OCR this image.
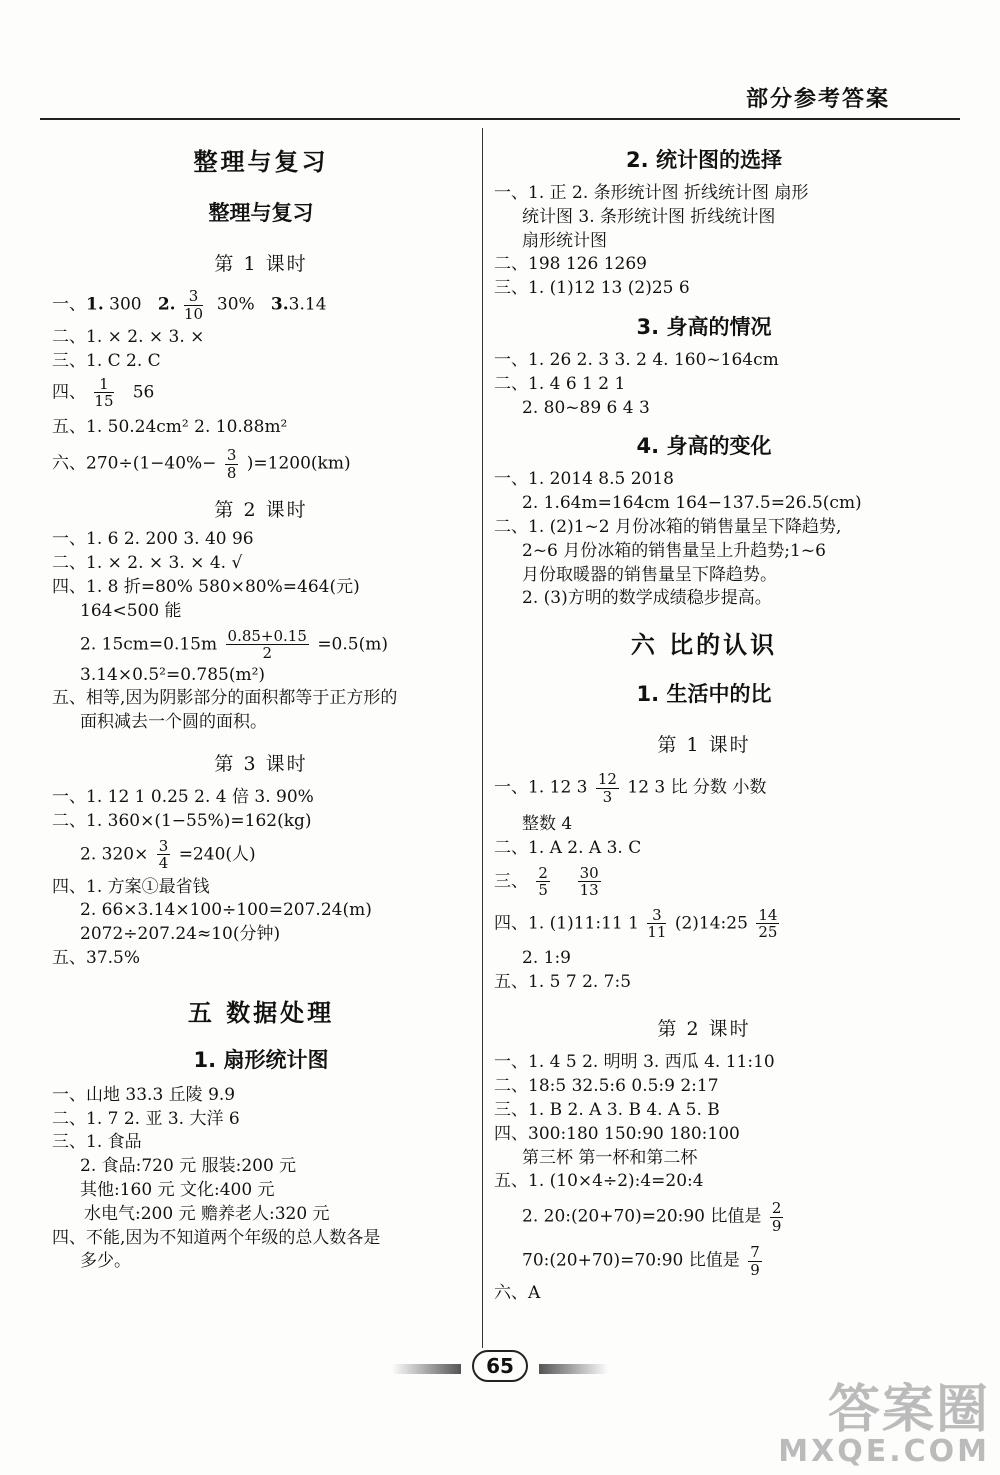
部分参考答案
整理与复习
整理与复习
第 1 课时
一、1. 300 2. $\frac{3}{10} 30\%$ 3.3.14
二、1. × 2. × 3. ×
三、1. C 2. C
四、 $\frac{1}{15} 56$
五、1. 50.24cm² 2. 10.88m²
六、$270\div(1-40\%- \frac{3}{8} )=1200(km)$
第 2 课时
一、1. 6 2. 200 3. 40 96
二、1. × 2. × 3. × 4. √
四、1. 8 折=80% 580×80%=464(元)
164<500 能
2. $15cm=0.15m \frac{0.85+0.15}{2} =0.5(m)$
3.14×0.5²=0.785(m²)
五、相等,因为阴影部分的面积都等于正方形的
面积减去一个圆的面积。
第 3 课时
一、1. 12 1 0.25 2. 4 倍 3. 90%
二、1. 360×(1−55%)=162(kg)
2. $320\times \frac{3}{4} =240$(人)
四、1. 方案①最省钱
2. 66×3.14×100÷100=207.24(m)
2072÷207.24≈10(分钟)
五、37.5%
五 数据处理
1. 扇形统计图
一、山地 33.3 丘陵 9.9
二、1. 7 2. 亚 3. 大洋 6
三、1. 食品
2. 食品:720 元 服装:200 元
其他:160 元 文化:400 元
水电气:200 元 赡养老人:320 元
四、不能,因为不知道两个年级的总人数各是
多少。
2. 统计图的选择
一、1. 正 2. 条形统计图 折线统计图 扇形
统计图 3. 条形统计图 折线统计图
扇形统计图
二、198 126 1269
三、1. (1)12 13 (2)25 6
3. 身高的情况
一、1. 26 2. 3 3. 2 4. 160~164cm
二、1. 4 6 1 2 1
2. 80~89 6 4 3
4. 身高的变化
一、1. 2014 8.5 2018
2. 1.64m=164cm 164−137.5=26.5(cm)
二、1. (2)1~2 月份冰箱的销售量呈下降趋势,
2~6 月份冰箱的销售量呈上升趋势;1~6
月份取暖器的销售量呈下降趋势。
2. (3)方明的数学成绩稳步提高。
六 比的认识
1. 生活中的比
第 1 课时
一、1. 12 $3 \frac{12}{3} 12$ 3 比 分数 小数
整数 4
二、1. A 2. A 3. C
三、 $\frac{2}{5}$
$\frac{30}{13}$
四、1. (1)11:11 $1 \frac{3}{11}$ (2)14:25 $\frac{14}{25}$
2. 1:9
五、1. 5 7 2. 7:5
第 2 课时
一、1. 4 5 2. 明明 3. 西瓜 4. 11:10
二、18:5 32.5:6 0.5:9 2:17
三、1. B 2. A 3. B 4. A 5. B
四、300:180 150:90 180:100
第三杯 第一杯和第二杯
五、1. (10×4÷2):4=20:4
2. 20:(20+70)=20:90 比值是 $\frac{2}{9}$
70:(20+70)=70:90 比值是 $\frac{7}{9}$
六、A
65
答案圈
MXQE.COM
